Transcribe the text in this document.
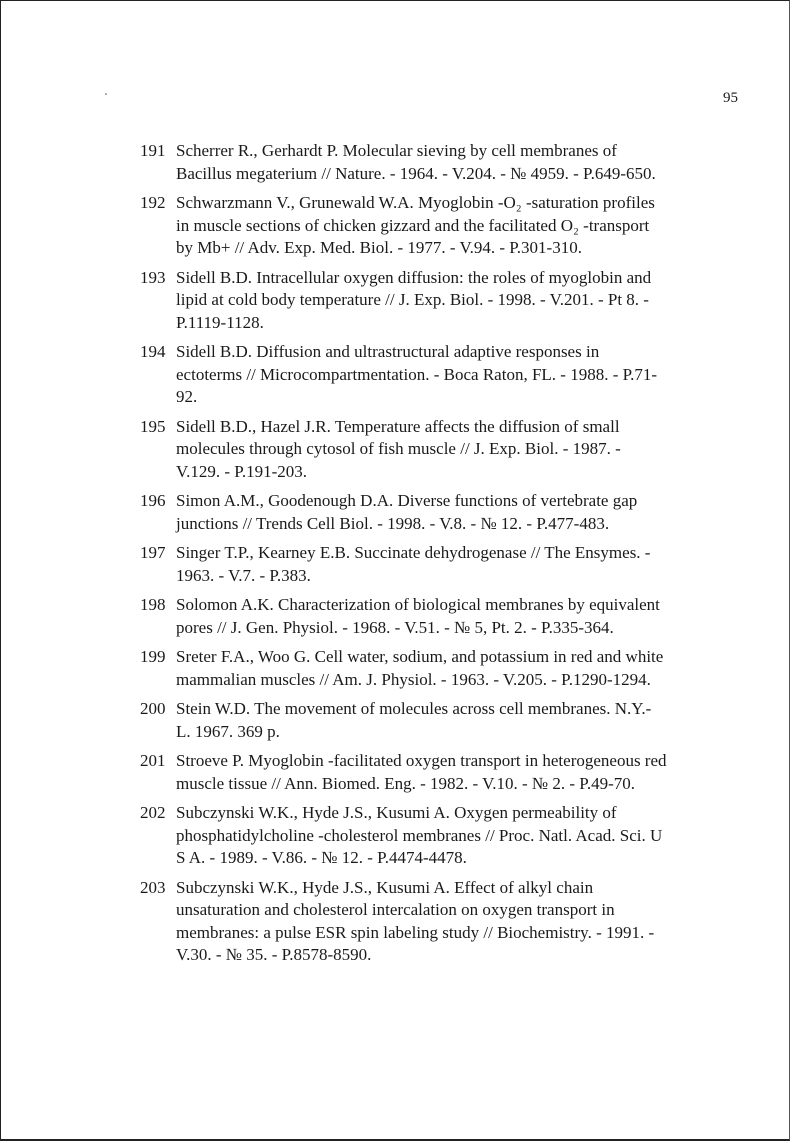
95
191 Scherrer R., Gerhardt P. Molecular sieving by cell membranes of
Bacillus megaterium // Nature. - 1964. - V.204. - № 4959. - P.649-650.
192 Schwarzmann V., Grunewald W.A. Myoglobin -O₂ -saturation profiles
in muscle sections of chicken gizzard and the facilitated O₂ -transport
by Mb+ // Adv. Exp. Med. Biol. - 1977. - V.94. - P.301-310.
193 Sidell B.D. Intracellular oxygen diffusion: the roles of myoglobin and
lipid at cold body temperature // J. Exp. Biol. - 1998. - V.201. - Pt 8. -
P.1119-1128.
194 Sidell B.D. Diffusion and ultrastructural adaptive responses in
ectoterms // Microcompartmentation. - Boca Raton, FL. - 1988. - P.71-
92.
195 Sidell B.D., Hazel J.R. Temperature affects the diffusion of small
molecules through cytosol of fish muscle // J. Exp. Biol. - 1987. -
V.129. - P.191-203.
196 Simon A.M., Goodenough D.A. Diverse functions of vertebrate gap
junctions // Trends Cell Biol. - 1998. - V.8. - № 12. - P.477-483.
197 Singer T.P., Kearney E.B. Succinate dehydrogenase // The Ensymes. -
1963. - V.7. - P.383.
198 Solomon A.K. Characterization of biological membranes by equivalent
pores // J. Gen. Physiol. - 1968. - V.51. - № 5, Pt. 2. - P.335-364.
199 Sreter F.A., Woo G. Cell water, sodium, and potassium in red and white
mammalian muscles // Am. J. Physiol. - 1963. - V.205. - P.1290-1294.
200 Stein W.D. The movement of molecules across cell membranes. N.Y.-
L. 1967. 369 p.
201 Stroeve P. Myoglobin -facilitated oxygen transport in heterogeneous red
muscle tissue // Ann. Biomed. Eng. - 1982. - V.10. - № 2. - P.49-70.
202 Subczynski W.K., Hyde J.S., Kusumi A. Oxygen permeability of
phosphatidylcholine -cholesterol membranes // Proc. Natl. Acad. Sci. U
S A. - 1989. - V.86. - № 12. - P.4474-4478.
203 Subczynski W.K., Hyde J.S., Kusumi A. Effect of alkyl chain
unsaturation and cholesterol intercalation on oxygen transport in
membranes: a pulse ESR spin labeling study // Biochemistry. - 1991. -
V.30. - № 35. - P.8578-8590.
